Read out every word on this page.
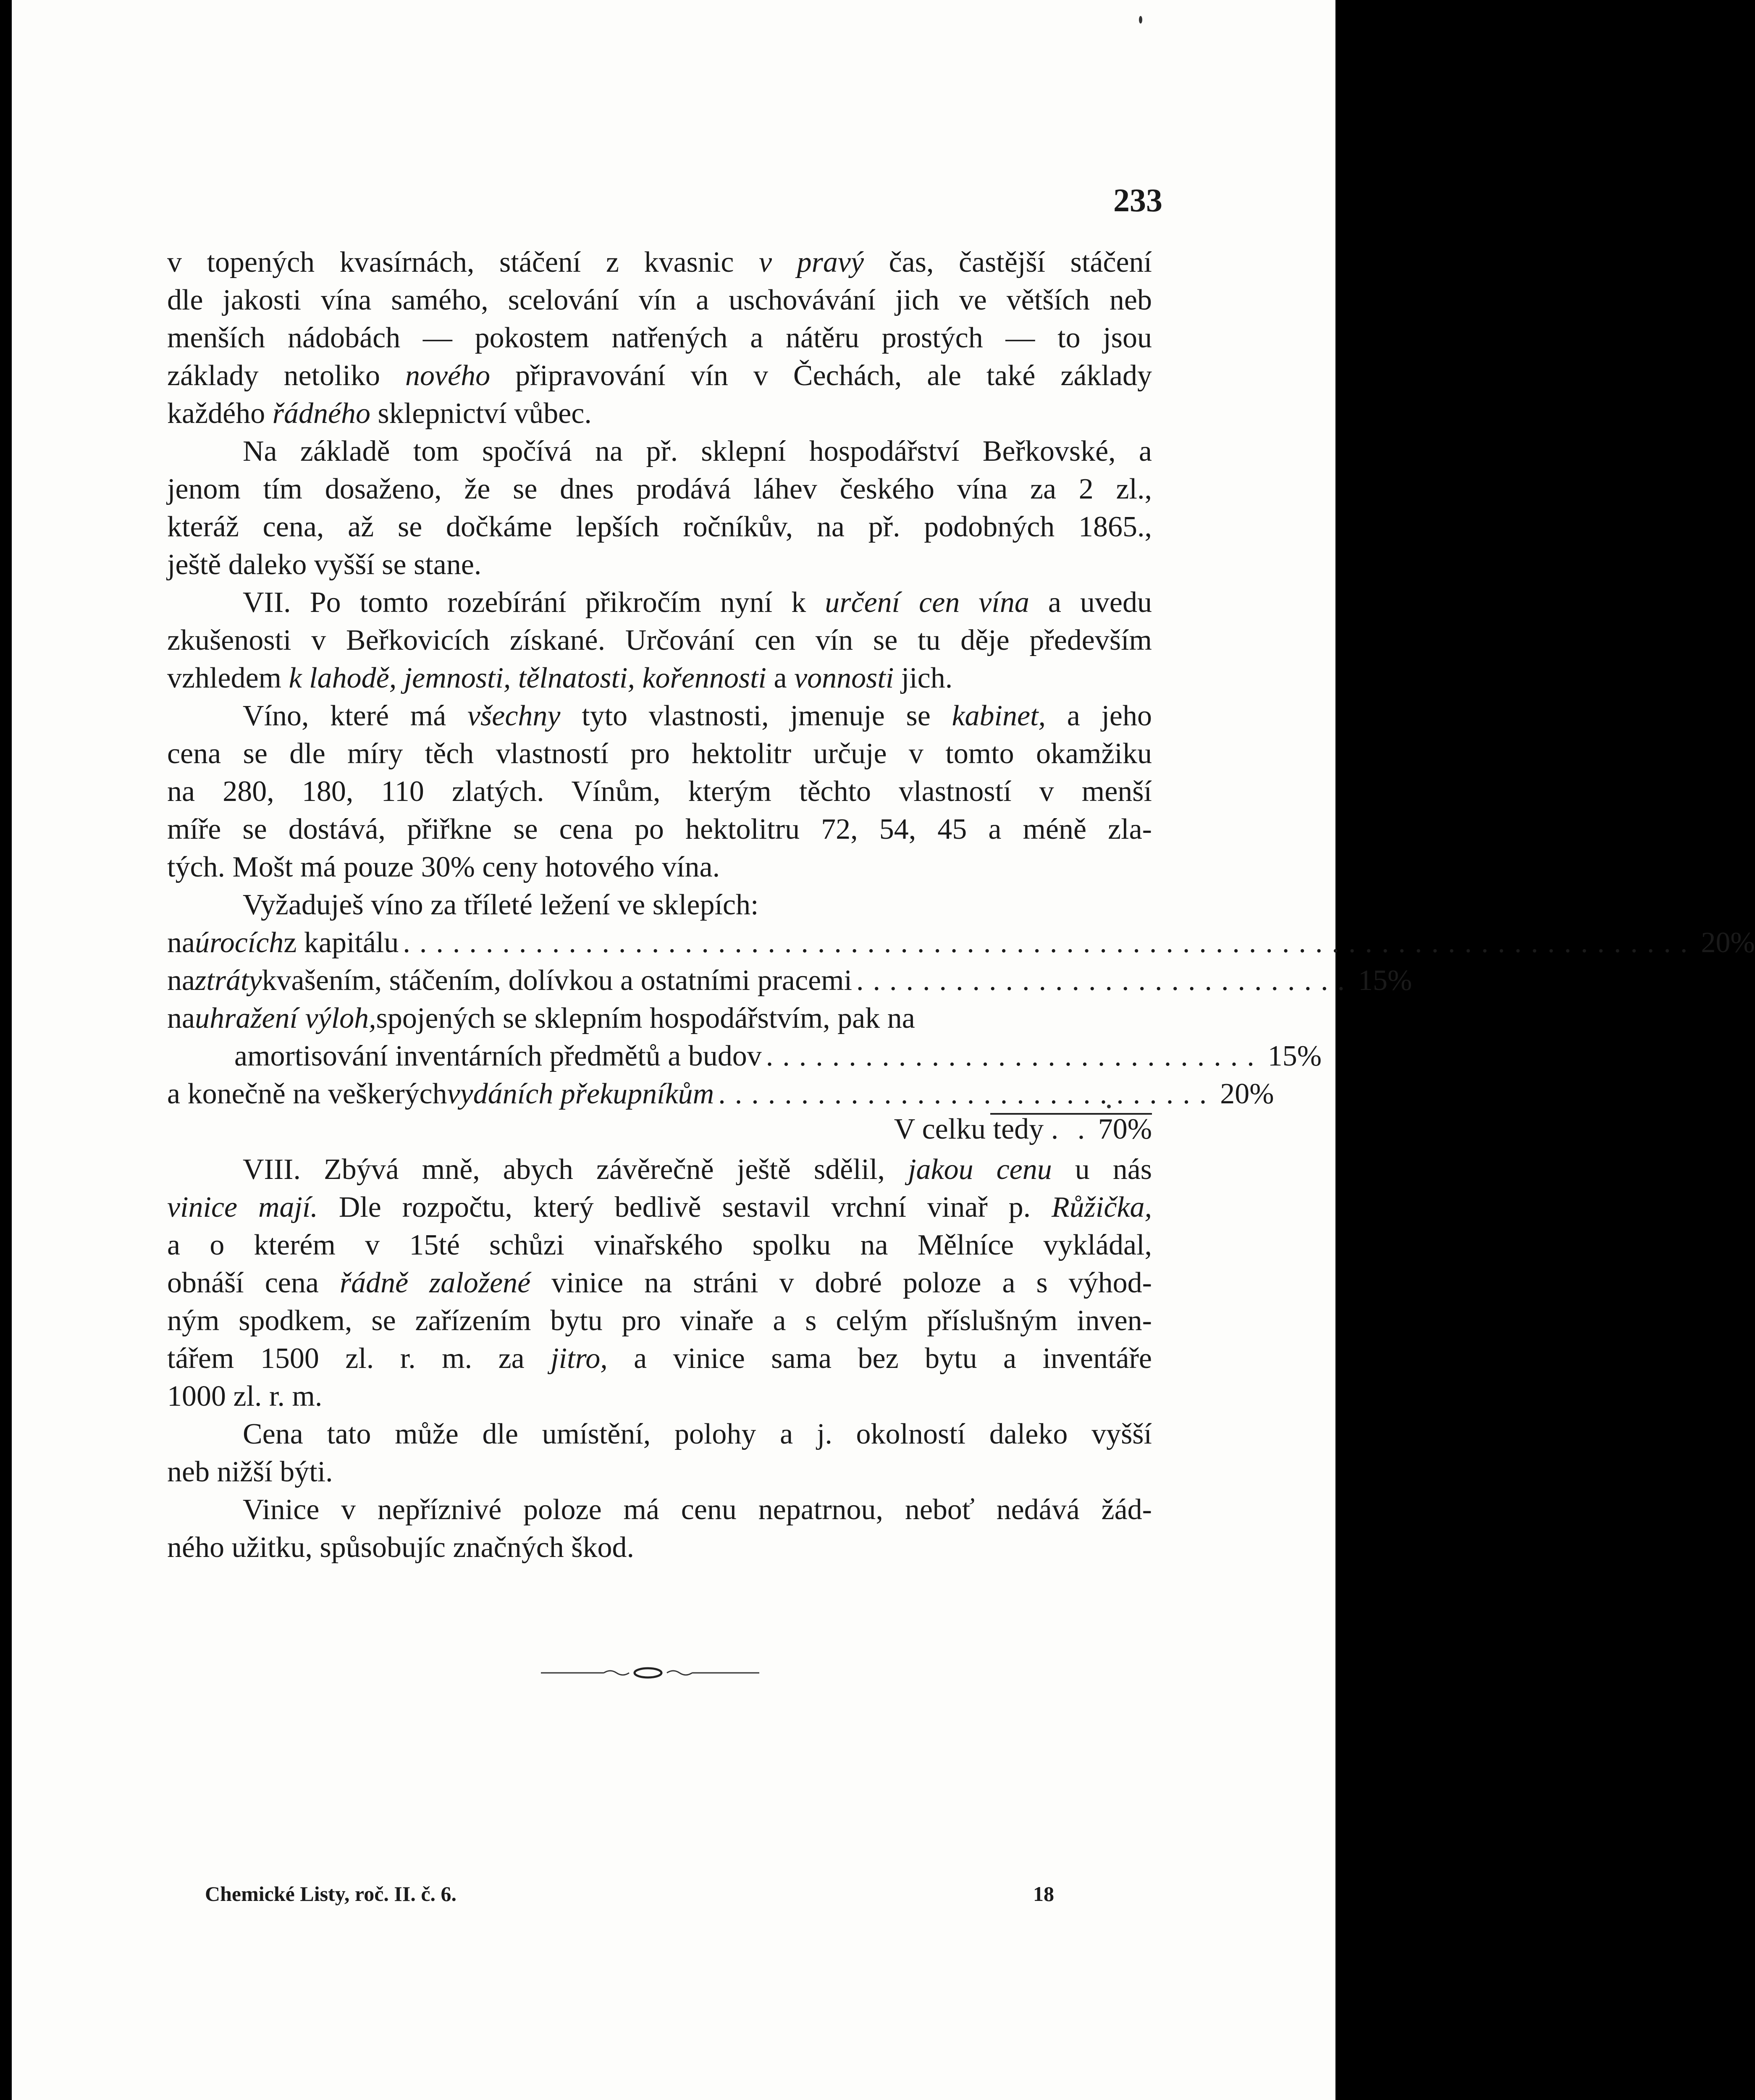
233
v topených kvasírnách, stáčení z kvasnic v pravý čas, častější stáčení
dle jakosti vína samého, scelování vín a uschovávání jich ve větších neb
menších nádobách — pokostem natřených a nátěru prostých — to jsou
základy netoliko nového připravování vín v Čechách, ale také základy
každého řádného sklepnictví vůbec.
Na základě tom spočívá na př. sklepní hospodářství Beřkovské, a
jenom tím dosaženo, že se dnes prodává láhev českého vína za 2 zl.,
kteráž cena, až se dočkáme lepších ročníkův, na př. podobných 1865.,
ještě daleko vyšší se stane.
VII. Po tomto rozebírání přikročím nyní k určení cen vína a uvedu
zkušenosti v Beřkovicích získané. Určování cen vín se tu děje především
vzhledem k lahodě, jemnosti, tělnatosti, kořennosti a vonnosti jich.
Víno, které má všechny tyto vlastnosti, jmenuje se kabinet, a jeho
cena se dle míry těch vlastností pro hektolitr určuje v tomto okamžiku
na 280, 180, 110 zlatých. Vínům, kterým těchto vlastností v menší
míře se dostává, přiřkne se cena po hektolitru 72, 54, 45 a méně zla-
tých. Mošt má pouze 30% ceny hotového vína.
Vyžaduješ víno za tříleté ležení ve sklepích:
na úrocích z kapitálu .............................................................................. 20%
na ztráty kvašením, stáčením, dolívkou a ostatními pracemi .............................. 15%
na uhražení výloh, spojených se sklepním hospodářstvím, pak na
amortisování inventárních předmětů a budov .............................. 15%
a konečně na veškerých vydáních překupníkům .............................. 20%
V celku tedy . . 70%
VIII. Zbývá mně, abych závěrečně ještě sdělil, jakou cenu u nás
vinice mají. Dle rozpočtu, který bedlivě sestavil vrchní vinař p. Růžička,
a o kterém v 15té schůzi vinařského spolku na Mělníce vykládal,
obnáší cena řádně založené vinice na stráni v dobré poloze a s výhod-
ným spodkem, se zařízením bytu pro vinaře a s celým příslušným inven-
tářem 1500 zl. r. m. za jitro, a vinice sama bez bytu a inventáře
1000 zl. r. m.
Cena tato může dle umístění, polohy a j. okolností daleko vyšší
neb nižší býti.
Vinice v nepříznivé poloze má cenu nepatrnou, neboť nedává žád-
ného užitku, spůsobujíc značných škod.
Chemické Listy, roč. II. č. 6.	18
